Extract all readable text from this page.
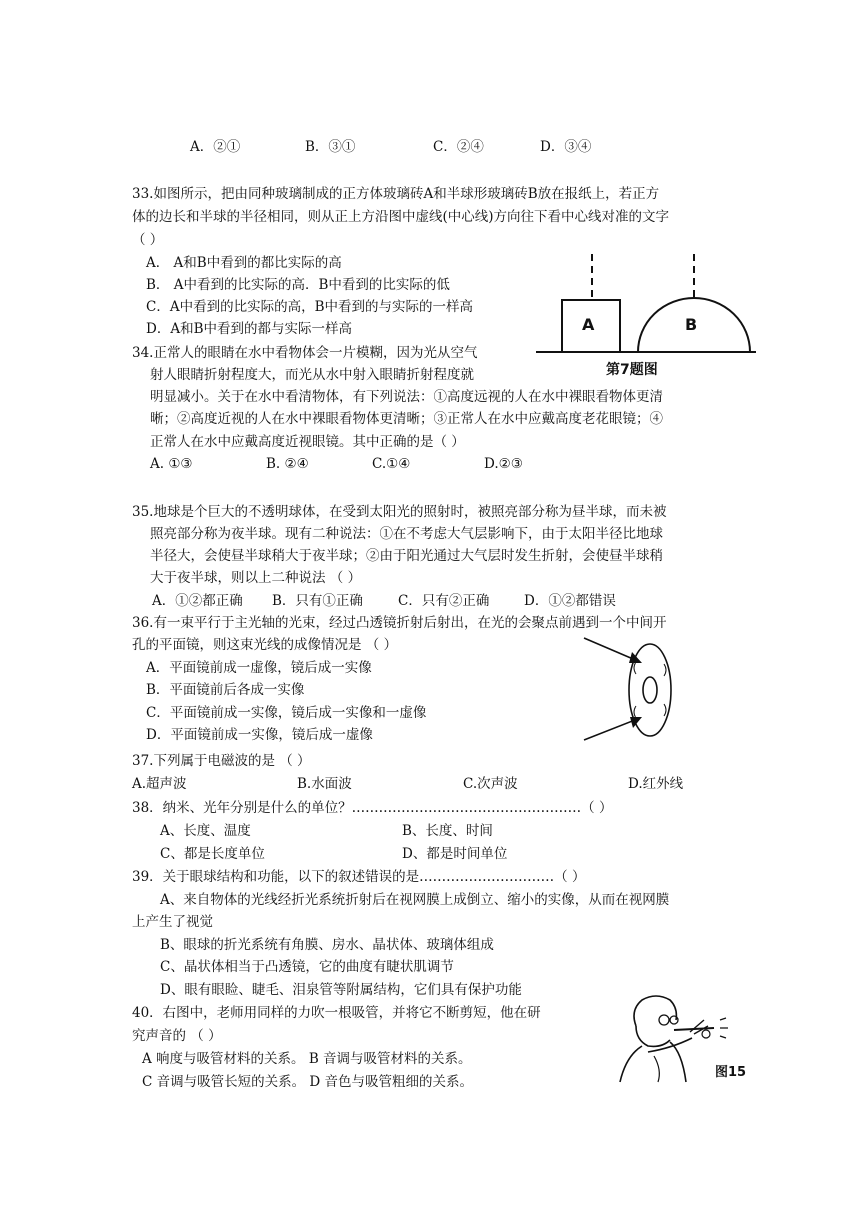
A．②①	B．③①	C．②④	D．③④
33.如图所示，把由同种玻璃制成的正方体玻璃砖A和半球形玻璃砖B放在报纸上，若正方
体的边长和半球的半径相同，则从正上方沿图中虚线(中心线)方向往下看中心线对准的文字
（ ）
A． A和B中看到的都比实际的高
B． A中看到的比实际的高．B中看到的比实际的低
C．A中看到的比实际的高，B中看到的与实际的一样高
D．A和B中看到的都与实际一样高	A	B
第7题图
34.正常人的眼睛在水中看物体会一片模糊，因为光从空气
射人眼睛折射程度大，而光从水中射入眼睛折射程度就
明显减小。关于在水中看清物体，有下列说法：①高度远视的人在水中裸眼看物体更清
晰；②高度近视的人在水中裸眼看物体更清晰；③正常人在水中应戴高度老花眼镜；④
正常人在水中应戴高度近视眼镜。其中正确的是（ ）
A. ①③	B. ②④	C.①④	D.②③
35.地球是个巨大的不透明球体，在受到太阳光的照射时，被照亮部分称为昼半球，而未被
照亮部分称为夜半球。现有二种说法：①在不考虑大气层影响下，由于太阳半径比地球
半径大，会使昼半球稍大于夜半球；②由于阳光通过大气层时发生折射，会使昼半球稍
大于夜半球，则以上二种说法 （ ）
A．①②都正确 B．只有①正确	C．只有②正确	D．①②都错误
36.有一束平行于主光轴的光束，经过凸透镜折射后射出，在光的会聚点前遇到一个中间开
孔的平面镜，则这束光线的成像情况是 （ ）
A．平面镜前成一虚像，镜后成一实像
B．平面镜前后各成一实像
C．平面镜前成一实像，镜后成一实像和一虚像
D．平面镜前成一实像，镜后成一虚像
37.下列属于电磁波的是 （ ）
A.超声波	B.水面波	C.次声波	D.红外线
38．纳米、光年分别是什么的单位？……………………………………………（ ）
A、长度、温度	B、长度、时间
C、都是长度单位	D、都是时间单位
39．关于眼球结构和功能，以下的叙述错误的是…………………………（ ）
A、来自物体的光线经折光系统折射后在视网膜上成倒立、缩小的实像，从而在视网膜
上产生了视觉
B、眼球的折光系统有角膜、房水、晶状体、玻璃体组成
C、晶状体相当于凸透镜，它的曲度有睫状肌调节
D、眼有眼睑、睫毛、泪泉管等附属结构，它们具有保护功能
40．右图中，老师用同样的力吹一根吸管，并将它不断剪短，他在研
究声音的 （ ）
A 响度与吸管材料的关系。 B 音调与吸管材料的关系。
C 音调与吸管长短的关系。 D 音色与吸管粗细的关系。
图15
